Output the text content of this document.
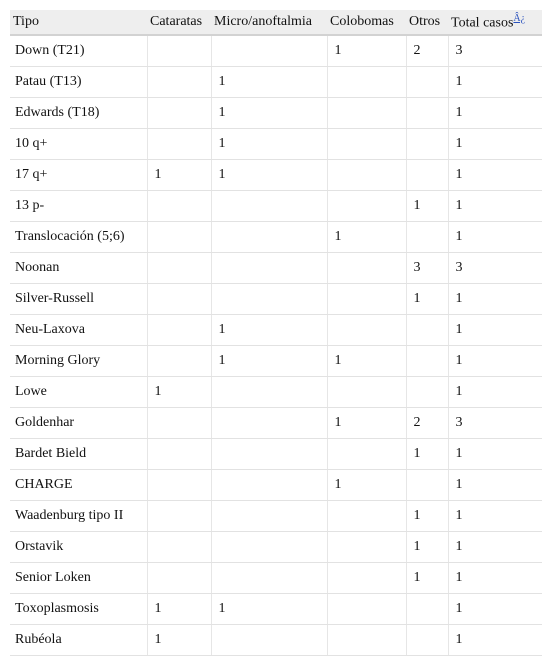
Tipo	Cataratas	Micro/anoftalmia	Colobomas	Otros	Total casos$^{Â¿}$
Down (T21)			1	2	3
Patau (T13)		1			1
Edwards (T18)		1			1
10 q+		1			1
17 q+	1	1			1
13 p-				1	1
Translocación (5;6)			1		1
Noonan				3	3
Silver-Russell				1	1
Neu-Laxova		1			1
Morning Glory		1	1		1
Lowe	1				1
Goldenhar			1	2	3
Bardet Bield				1	1
CHARGE			1		1
Waadenburg tipo II				1	1
Orstavik				1	1
Senior Loken				1	1
Toxoplasmosis	1	1			1
Rubéola	1				1
